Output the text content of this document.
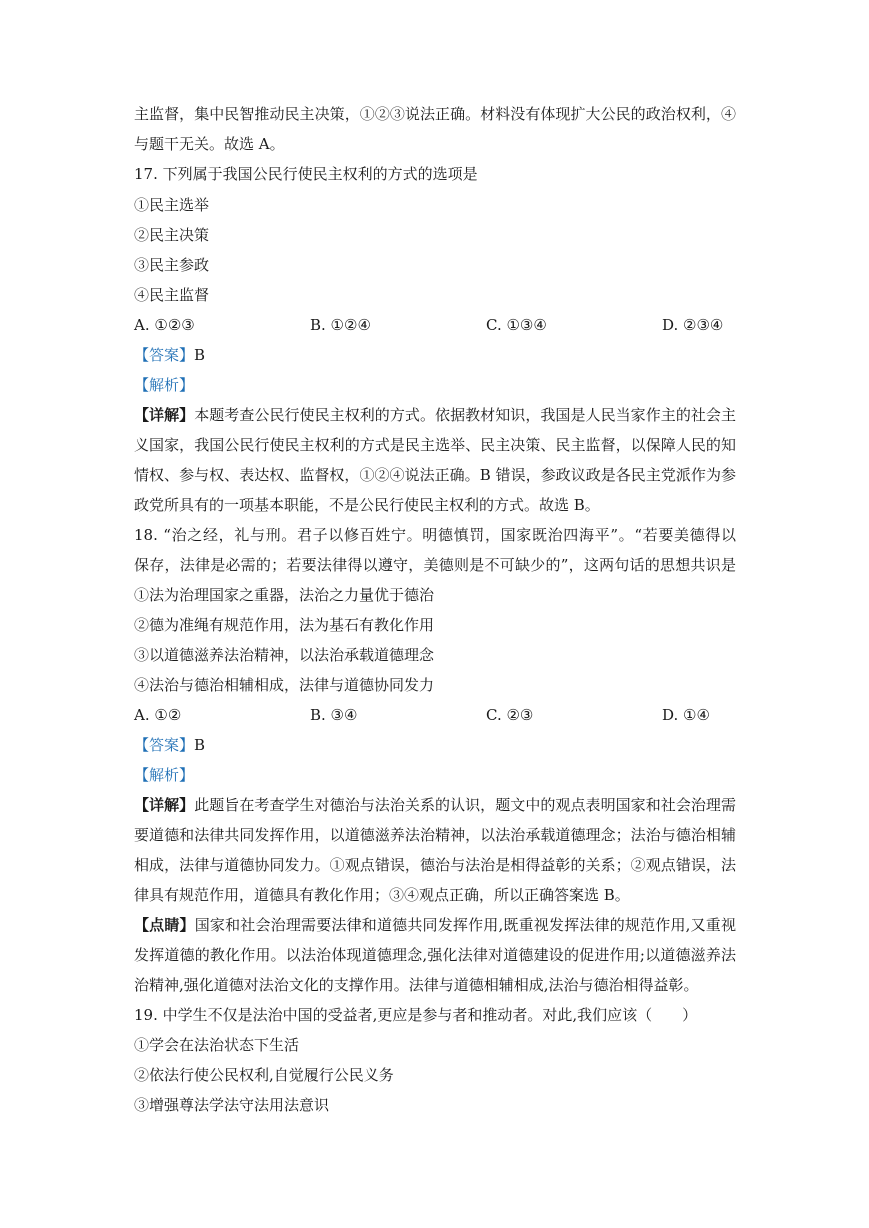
主监督，集中民智推动民主决策，①②③说法正确。材料没有体现扩大公民的政治权利，④
与题干无关。故选 A。
17. 下列属于我国公民行使民主权利的方式的选项是
①民主选举
②民主决策
③民主参政
④民主监督
A. ①②③	B. ①②④	C. ①③④	D. ②③④
【答案】B
【解析】
【详解】本题考查公民行使民主权利的方式。依据教材知识，我国是人民当家作主的社会主
义国家，我国公民行使民主权利的方式是民主选举、民主决策、民主监督，以保障人民的知
情权、参与权、表达权、监督权，①②④说法正确。B 错误，参政议政是各民主党派作为参
政党所具有的一项基本职能，不是公民行使民主权利的方式。故选 B。
18. “治之经，礼与刑。君子以修百姓宁。明德慎罚，国家既治四海平”。“若要美德得以
保存，法律是必需的；若要法律得以遵守，美德则是不可缺少的”，这两句话的思想共识是
①法为治理国家之重器，法治之力量优于德治
②德为准绳有规范作用，法为基石有教化作用
③以道德滋养法治精神，以法治承载道德理念
④法治与德治相辅相成，法律与道德协同发力
A. ①②	B. ③④	C. ②③	D. ①④
【答案】B
【解析】
【详解】此题旨在考查学生对德治与法治关系的认识，题文中的观点表明国家和社会治理需
要道德和法律共同发挥作用，以道德滋养法治精神，以法治承载道德理念；法治与德治相辅
相成，法律与道德协同发力。①观点错误，德治与法治是相得益彰的关系；②观点错误，法
律具有规范作用，道德具有教化作用；③④观点正确，所以正确答案选 B。
【点睛】国家和社会治理需要法律和道德共同发挥作用,既重视发挥法律的规范作用,又重视
发挥道德的教化作用。以法治体现道德理念,强化法律对道德建设的促进作用;以道德滋养法
治精神,强化道德对法治文化的支撑作用。法律与道德相辅相成,法治与德治相得益彰。
19. 中学生不仅是法治中国的受益者,更应是参与者和推动者。对此,我们应该（　　）
①学会在法治状态下生活
②依法行使公民权利,自觉履行公民义务
③增强尊法学法守法用法意识
